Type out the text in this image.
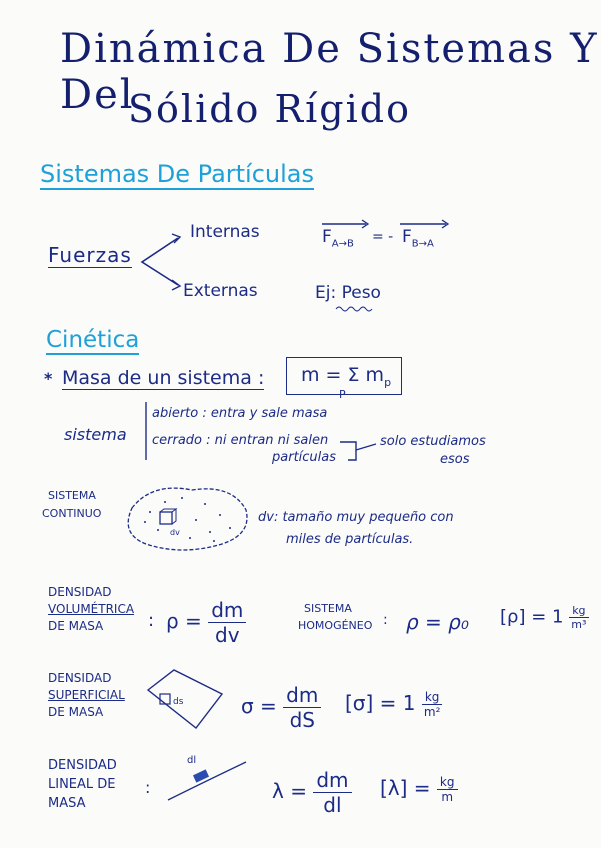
Dinámica De Sistemas Y Del
Sólido Rígido
Sistemas De Partículas
Fuerzas
Internas	$F_{A\to B}$ = - $F_{B\to A}$
Externas	Ej: Peso
Cinética
* Masa de un sistema :	m = Σ $m_p$
P
sistema
abierto : entra y sale masa
cerrado : ni entran ni salen
partículas
solo estudiamos
esos
SISTEMA
CONTINUO
dv
dv: tamaño muy pequeño con
miles de partículas.
DENSIDAD
VOLUMÉTRICA
DE MASA	: $\rho = \frac{dm}{dv}$	SISTEMA
HOMOGÉNEO : ρ = ρ₀ $[\rho] = 1 \frac{kg}{\text{m³}}$
DENSIDAD
SUPERFICIAL
DE MASA
ds	$\sigma = \frac{dm}{dS} [\sigma] = 1 \frac{kg}{\text{m²}}$
DENSIDAD
LINEAL DE
MASA
:
dl
$\lambda = \frac{dm}{dl} [\lambda] = \frac{kg}{m}$
